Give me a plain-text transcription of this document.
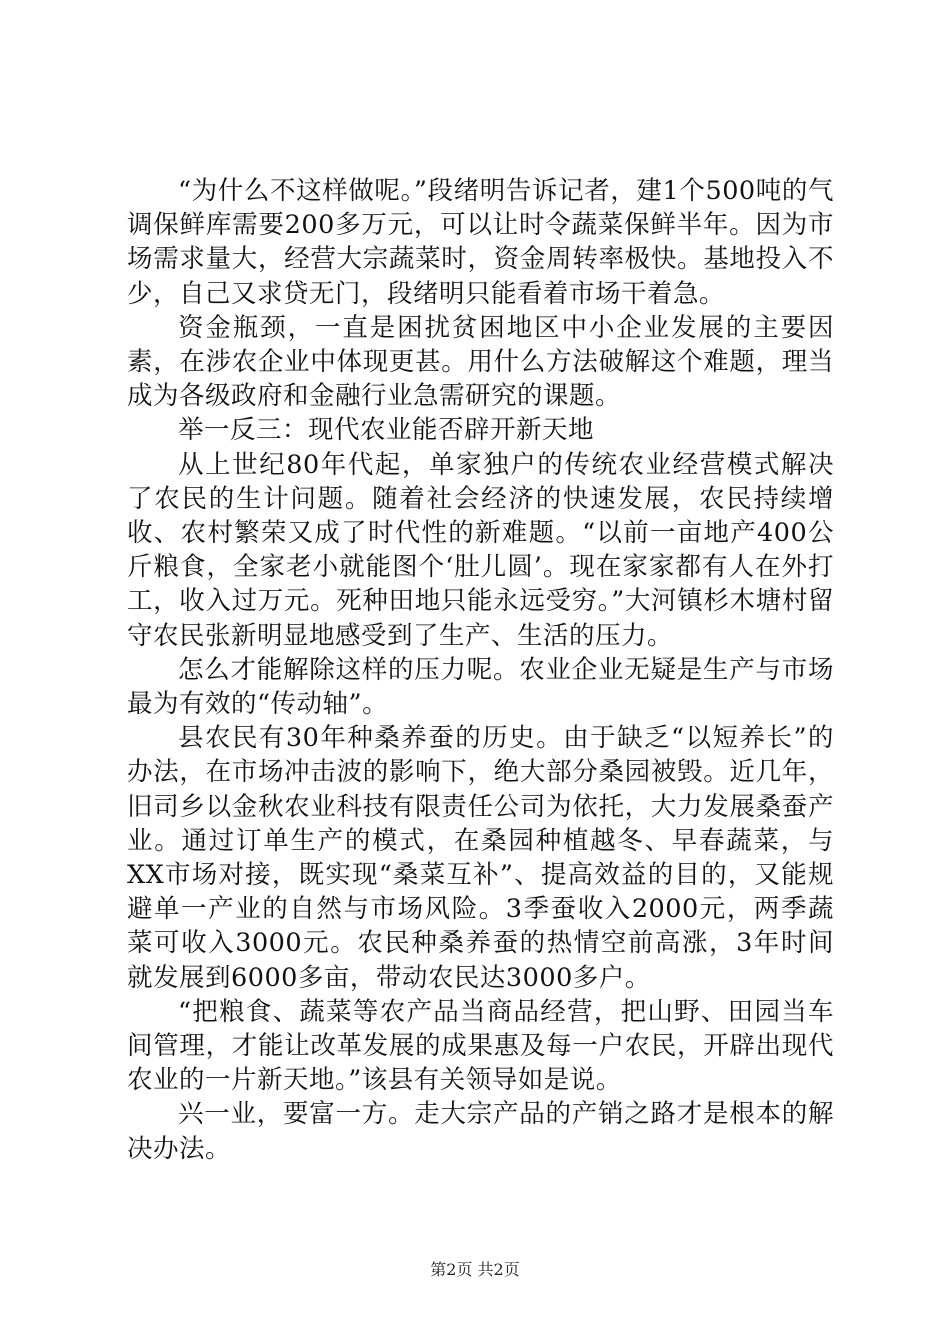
“为什么不这样做呢。”段绪明告诉记者，建1个500吨的气调保鲜库需要200多万元，可以让时令蔬菜保鲜半年。因为市场需求量大，经营大宗蔬菜时，资金周转率极快。基地投入不少，自己又求贷无门，段绪明只能看着市场干着急。

资金瓶颈，一直是困扰贫困地区中小企业发展的主要因素，在涉农企业中体现更甚。用什么方法破解这个难题，理当成为各级政府和金融行业急需研究的课题。

举一反三：现代农业能否辟开新天地

从上世纪80年代起，单家独户的传统农业经营模式解决了农民的生计问题。随着社会经济的快速发展，农民持续增收、农村繁荣又成了时代性的新难题。“以前一亩地产400公斤粮食，全家老小就能图个‘肚儿圆’。现在家家都有人在外打工，收入过万元。死种田地只能永远受穷。”大河镇杉木塘村留守农民张新明显地感受到了生产、生活的压力。

怎么才能解除这样的压力呢。农业企业无疑是生产与市场最为有效的“传动轴”。

县农民有30年种桑养蚕的历史。由于缺乏“以短养长”的办法，在市场冲击波的影响下，绝大部分桑园被毁。近几年，旧司乡以金秋农业科技有限责任公司为依托，大力发展桑蚕产业。通过订单生产的模式，在桑园种植越冬、早春蔬菜，与XX市场对接，既实现“桑菜互补”、提高效益的目的，又能规避单一产业的自然与市场风险。3季蚕收入2000元，两季蔬菜可收入3000元。农民种桑养蚕的热情空前高涨，3年时间就发展到6000多亩，带动农民达3000多户。

“把粮食、蔬菜等农产品当商品经营，把山野、田园当车间管理，才能让改革发展的成果惠及每一户农民，开辟出现代农业的一片新天地。”该县有关领导如是说。

兴一业，要富一方。走大宗产品的产销之路才是根本的解决办法。

第2页 共2页
